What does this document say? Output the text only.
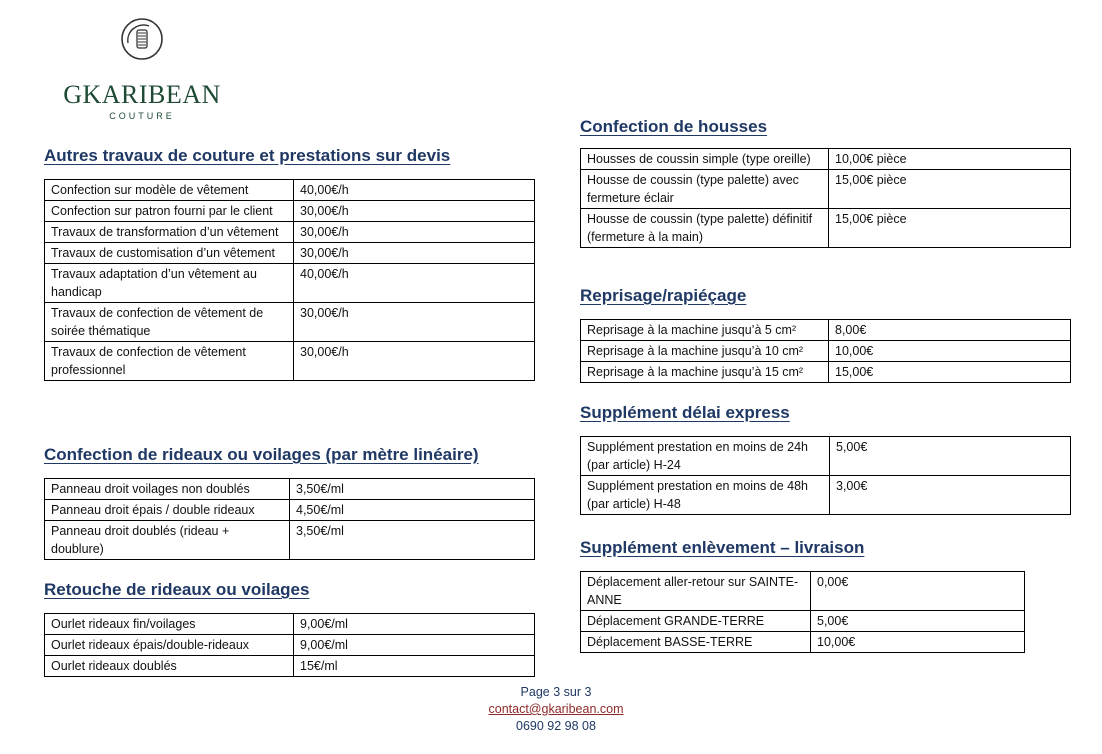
GKARIBEAN
COUTURE
Autres travaux de couture et prestations sur devis
Confection sur modèle de vêtement	40,00€/h
Confection sur patron fourni par le client	30,00€/h
Travaux de transformation d’un vêtement	30,00€/h
Travaux de customisation d’un vêtement	30,00€/h
Travaux adaptation d’un vêtement au handicap	40,00€/h
Travaux de confection de vêtement de soirée thématique	30,00€/h
Travaux de confection de vêtement professionnel	30,00€/h
Confection de rideaux ou voilages (par mètre linéaire)
Panneau droit voilages non doublés	3,50€/ml
Panneau droit épais / double rideaux	4,50€/ml
Panneau droit doublés (rideau + doublure)	3,50€/ml
Retouche de rideaux ou voilages
Ourlet rideaux fin/voilages	9,00€/ml
Ourlet rideaux épais/double-rideaux	9,00€/ml
Ourlet rideaux doublés	15€/ml
Confection de housses
Housses de coussin simple (type oreille)	10,00€ pièce
Housse de coussin (type palette) avec fermeture éclair	15,00€ pièce
Housse de coussin (type palette) définitif (fermeture à la main)	15,00€ pièce
Reprisage/rapiéçage
Reprisage à la machine jusqu’à 5 cm²	8,00€
Reprisage à la machine jusqu’à 10 cm²	10,00€
Reprisage à la machine jusqu’à 15 cm²	15,00€
Supplément délai express
Supplément prestation en moins de 24h (par article) H-24	5,00€
Supplément prestation en moins de 48h (par article) H-48	3,00€
Supplément enlèvement – livraison
Déplacement aller-retour sur SAINTE-ANNE	0,00€
Déplacement GRANDE-TERRE	5,00€
Déplacement BASSE-TERRE	10,00€
Page 3 sur 3
contact@gkaribean.com
0690 92 98 08
